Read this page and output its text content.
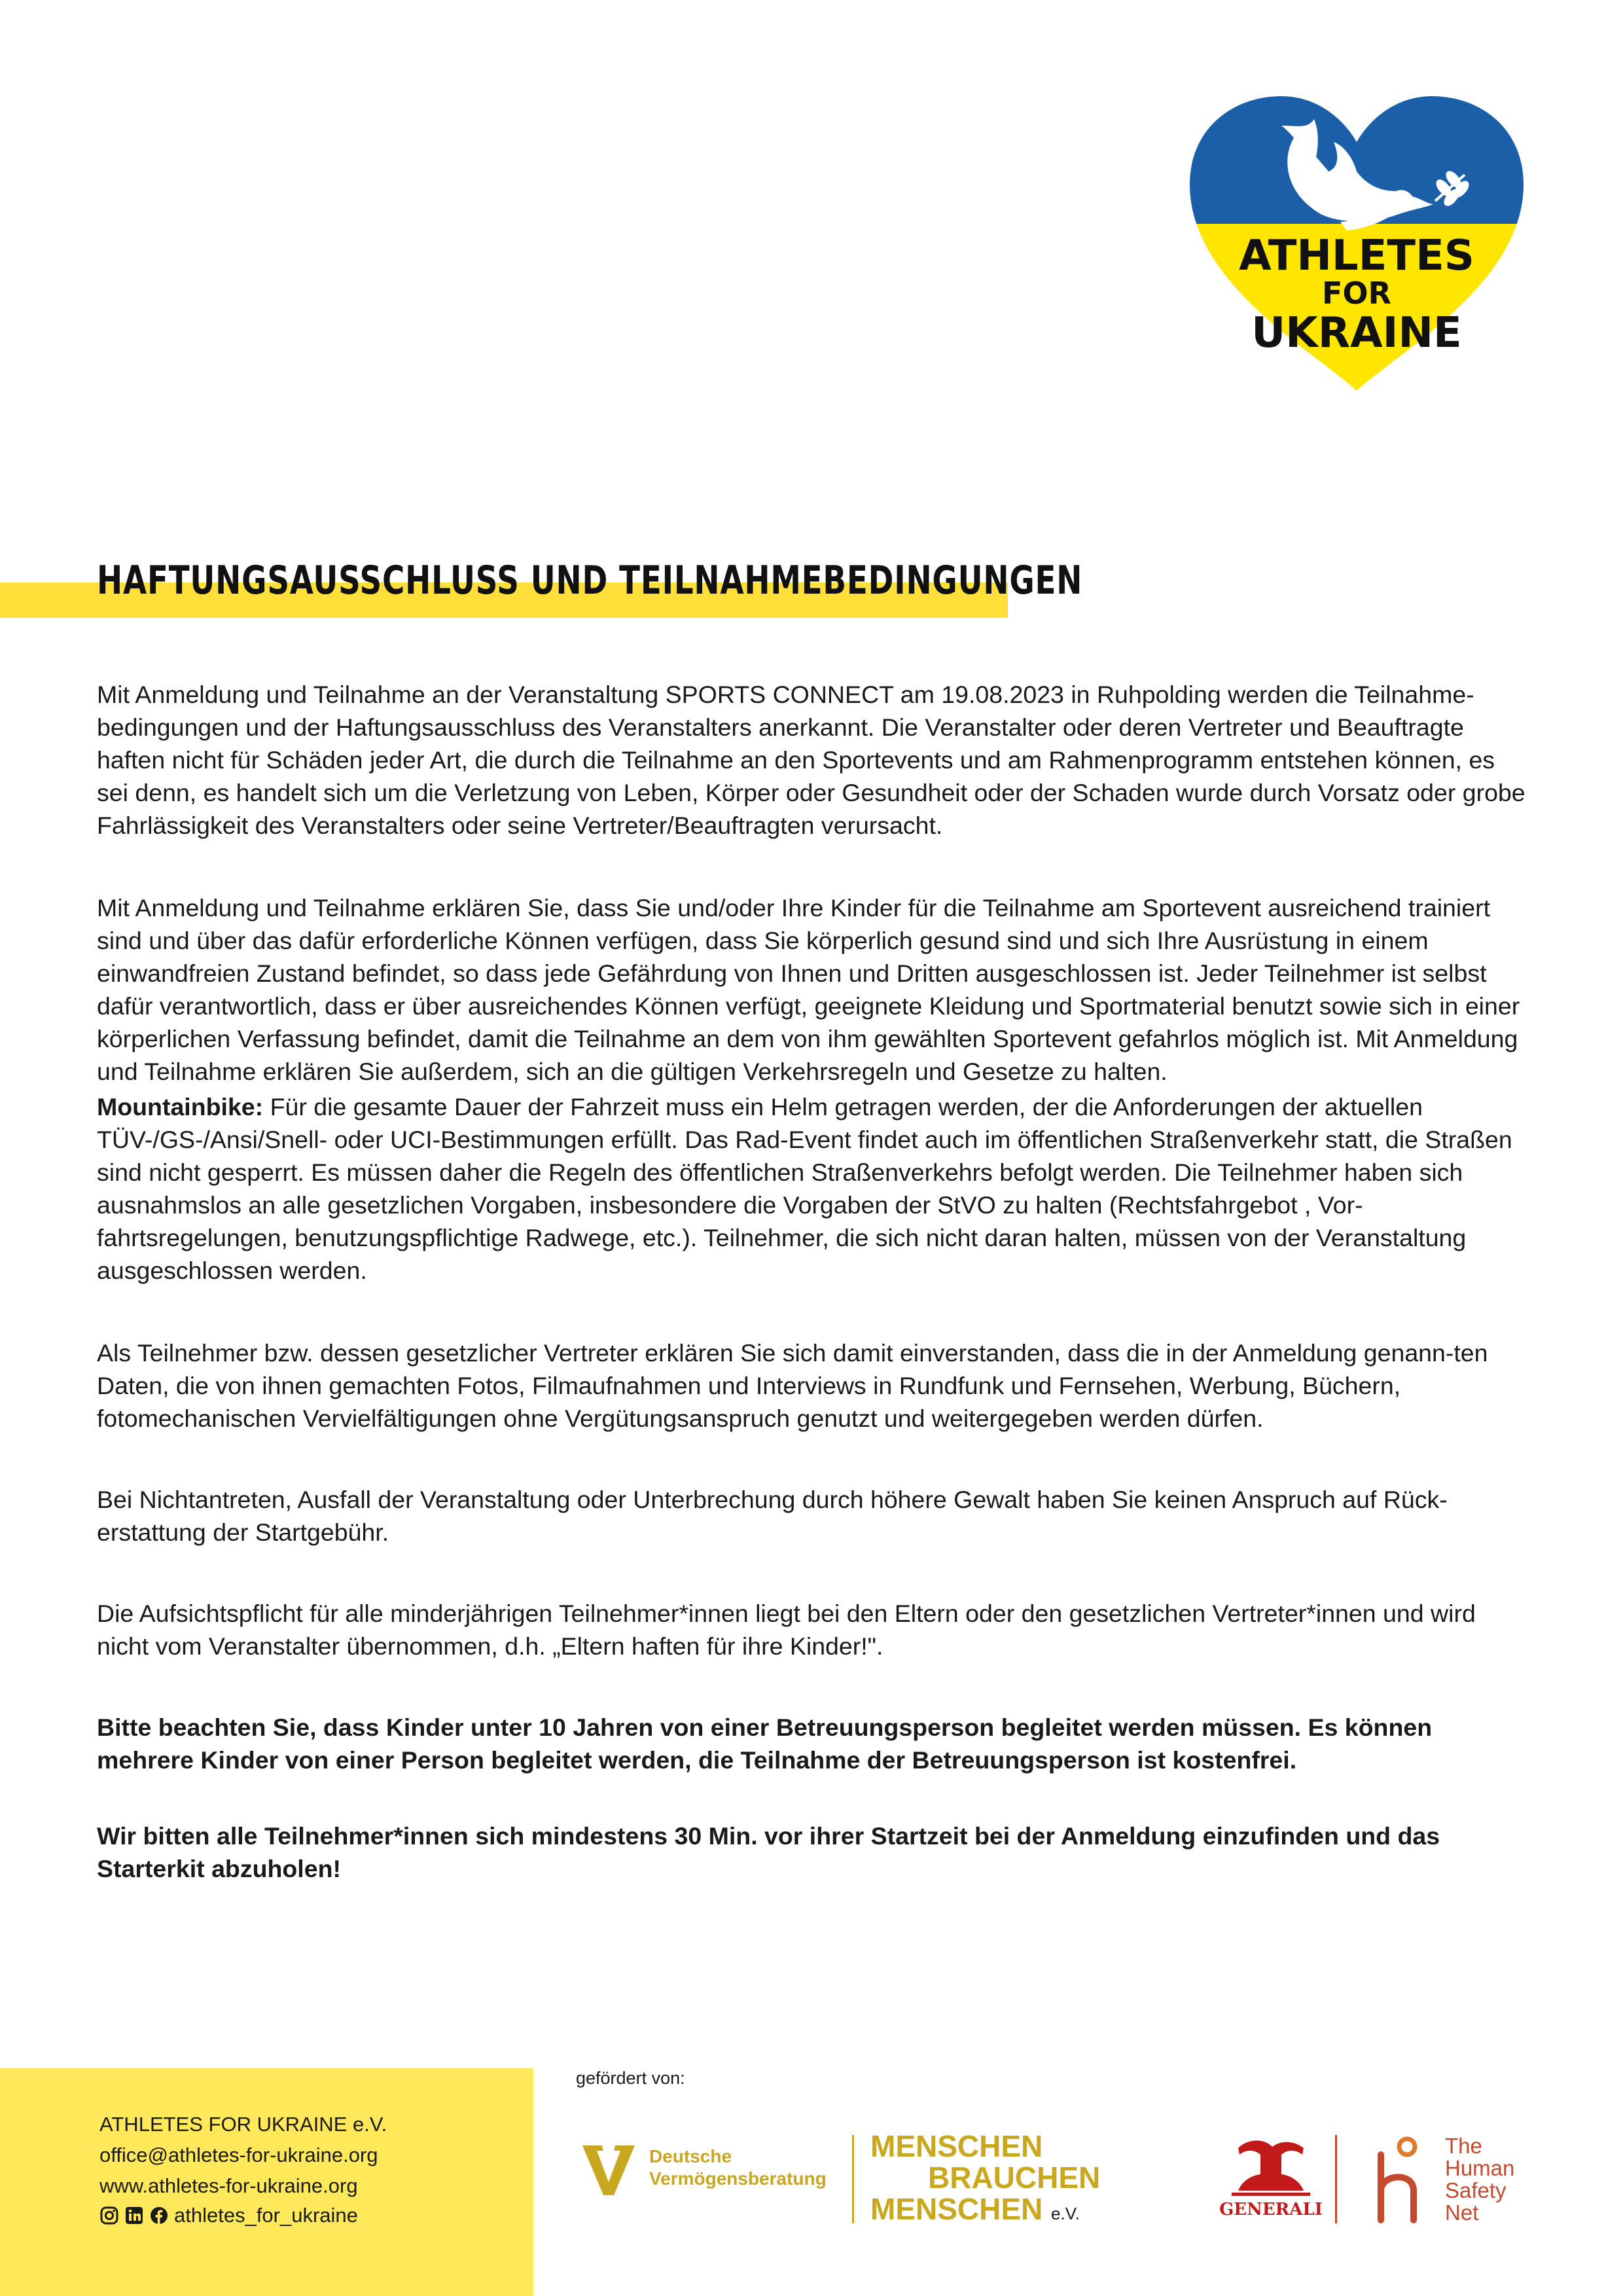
ATHLETES
FOR
UKRAINE
HAFTUNGSAUSSCHLUSS UND TEILNAHMEBEDINGUNGEN

Mit Anmeldung und Teilnahme an der Veranstaltung SPORTS CONNECT am 19.08.2023 in Ruhpolding werden die Teilnahme-bedingungen und der Haftungsausschluss des Veranstalters anerkannt. Die Veranstalter oder deren Vertreter und Beauftragte haften nicht für Schäden jeder Art, die durch die Teilnahme an den Sportevents und am Rahmenprogramm entstehen können, es sei denn, es handelt sich um die Verletzung von Leben, Körper oder Gesundheit oder der Schaden wurde durch Vorsatz oder grobe Fahrlässigkeit des Veranstalters oder seine Vertreter/Beauftragten verursacht.

Mit Anmeldung und Teilnahme erklären Sie, dass Sie und/oder Ihre Kinder für die Teilnahme am Sportevent ausreichend trainiert sind und über das dafür erforderliche Können verfügen, dass Sie körperlich gesund sind und sich Ihre Ausrüstung in einem einwandfreien Zustand befindet, so dass jede Gefährdung von Ihnen und Dritten ausgeschlossen ist. Jeder Teilnehmer ist selbst dafür verantwortlich, dass er über ausreichendes Können verfügt, geeignete Kleidung und Sportmaterial benutzt sowie sich in einer körperlichen Verfassung befindet, damit die Teilnahme an dem von ihm gewählten Sportevent gefahrlos möglich ist. Mit Anmeldung und Teilnahme erklären Sie außerdem, sich an die gültigen Verkehrsregeln und Gesetze zu halten.

Mountainbike: Für die gesamte Dauer der Fahrzeit muss ein Helm getragen werden, der die Anforderungen der aktuellen TÜV-/GS-/Ansi/Snell- oder UCI-Bestimmungen erfüllt. Das Rad-Event findet auch im öffentlichen Straßenverkehr statt, die Straßen sind nicht gesperrt. Es müssen daher die Regeln des öffentlichen Straßenverkehrs befolgt werden. Die Teilnehmer haben sich ausnahmslos an alle gesetzlichen Vorgaben, insbesondere die Vorgaben der StVO zu halten (Rechtsfahrgebot , Vor-fahrtsregelungen, benutzungspflichtige Radwege, etc.). Teilnehmer, die sich nicht daran halten, müssen von der Veranstaltung ausgeschlossen werden.

Als Teilnehmer bzw. dessen gesetzlicher Vertreter erklären Sie sich damit einverstanden, dass die in der Anmeldung genann-ten Daten, die von ihnen gemachten Fotos, Filmaufnahmen und Interviews in Rundfunk und Fernsehen, Werbung, Büchern, fotomechanischen Vervielfältigungen ohne Vergütungsanspruch genutzt und weitergegeben werden dürfen.

Bei Nichtantreten, Ausfall der Veranstaltung oder Unterbrechung durch höhere Gewalt haben Sie keinen Anspruch auf Rück-erstattung der Startgebühr.

Die Aufsichtspflicht für alle minderjährigen Teilnehmer*innen liegt bei den Eltern oder den gesetzlichen Vertreter*innen und wird nicht vom Veranstalter übernommen, d.h. „Eltern haften für ihre Kinder!".

Bitte beachten Sie, dass Kinder unter 10 Jahren von einer Betreuungsperson begleitet werden müssen. Es können mehrere Kinder von einer Person begleitet werden, die Teilnahme der Betreuungsperson ist kostenfrei.

Wir bitten alle Teilnehmer*innen sich mindestens 30 Min. vor ihrer Startzeit bei der Anmeldung einzufinden und das Starterkit abzuholen!

ATHLETES FOR UKRAINE e.V.
office@athletes-for-ukraine.org
www.athletes-for-ukraine.org
athletes_for_ukraine
gefördert von:
Deutsche
Vermögensberatung
MENSCHEN
BRAUCHEN
MENSCHEN e.V.	GENERALI
The
Human
Safety
Net
